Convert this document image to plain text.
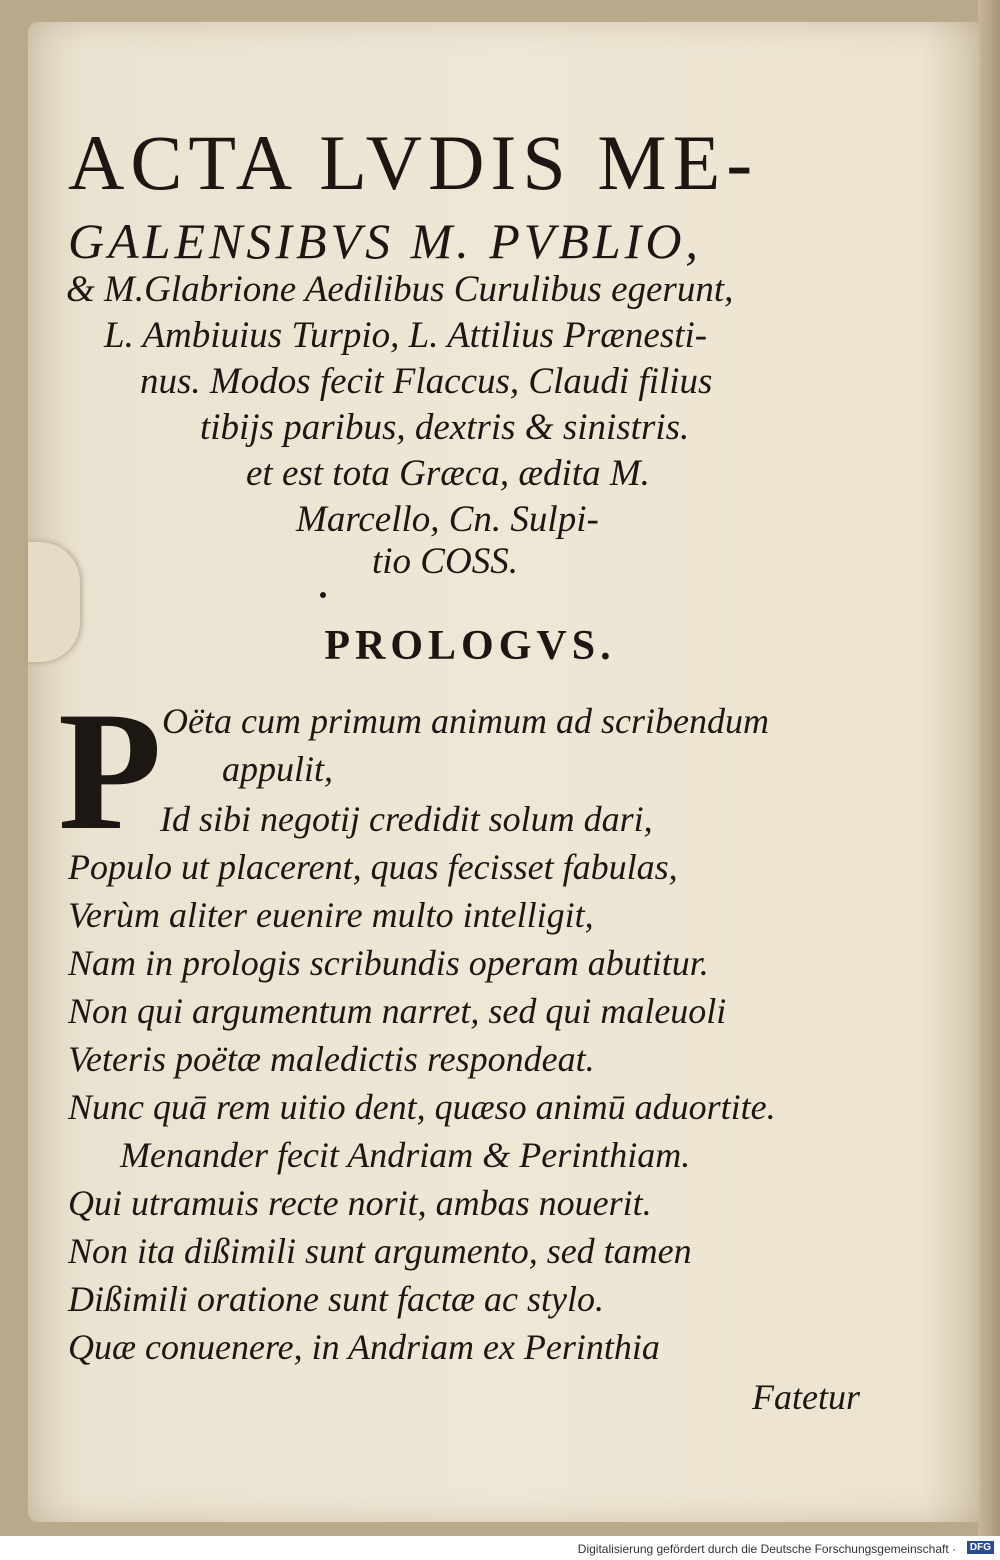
ACTA LVDIS ME-
GALENSIBVS M. PVBLIO,
& M.Glabrione Aedilibus Curulibus egerunt,
L. Ambiuius Turpio, L. Attilius Prænesti-
nus. Modos fecit Flaccus, Claudi filius
tibijs paribus, dextris & sinistris.
et est tota Græca, ædita M.
Marcello, Cn. Sulpi-
tio COSS.
PROLOGVS.
P Oëta cum primum animum ad scribendum
appulit,
Id sibi negotij credidit solum dari,
Populo ut placerent, quas fecisset fabulas,
Verùm aliter euenire multo intelligit,
Nam in prologis scribundis operam abutitur.
Non qui argumentum narret, sed qui maleuoli
Veteris poëtæ maledictis respondeat.
Nunc quā rem uitio dent, quæso animū aduortite.
Menander fecit Andriam & Perinthiam.
Qui utramuis recte norit, ambas nouerit.
Non ita dißimili sunt argumento, sed tamen
Dißimili oratione sunt factæ ac stylo.
Quæ conuenere, in Andriam ex Perinthia
Fatetur
Digitalisierung gefördert durch die Deutsche Forschungsgemeinschaft ·	DFG
